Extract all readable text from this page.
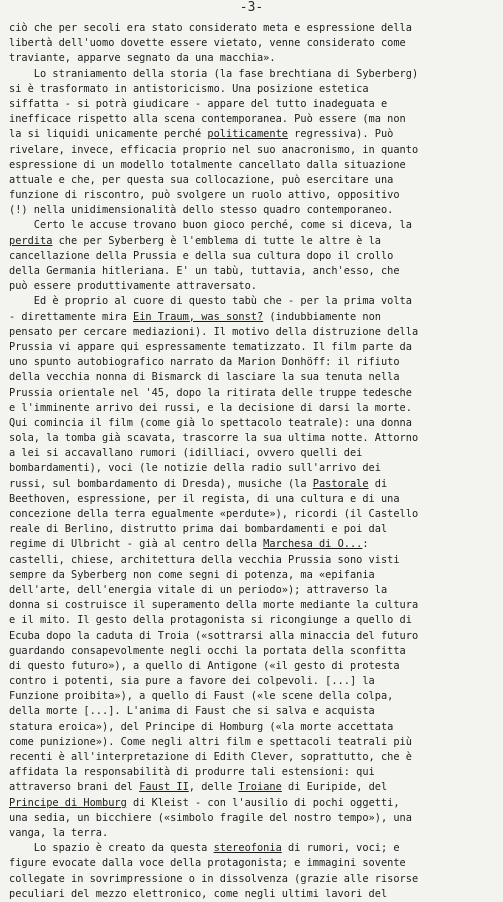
-3-
ciò che per secoli era stato considerato meta e espressione della
libertà dell'uomo dovette essere vietato, venne considerato come
traviante, apparve segnato da una macchia».
Lo straniamento della storia (la fase brechtiana di Syberberg)
si è trasformato in antistoricismo. Una posizione estetica
siffatta - si potrà giudicare - appare del tutto inadeguata e
inefficace rispetto alla scena contemporanea. Può essere (ma non
la si liquidi unicamente perché politicamente regressiva). Può
rivelare, invece, efficacia proprio nel suo anacronismo, in quanto
espressione di un modello totalmente cancellato dalla situazione
attuale e che, per questa sua collocazione, può esercitare una
funzione di riscontro, può svolgere un ruolo attivo, oppositivo
(!) nella unidimensionalità dello stesso quadro contemporaneo.
Certo le accuse trovano buon gioco perché, come si diceva, la
perdita che per Syberberg è l'emblema di tutte le altre è la
cancellazione della Prussia e della sua cultura dopo il crollo
della Germania hitleriana. E' un tabù, tuttavia, anch'esso, che
può essere produttivamente attraversato.
Ed è proprio al cuore di questo tabù che - per la prima volta
- direttamente mira Ein Traum, was sonst? (indubbiamente non
pensato per cercare mediazioni). Il motivo della distruzione della
Prussia vi appare qui espressamente tematizzato. Il film parte da
uno spunto autobiografico narrato da Marion Donhöff: il rifiuto
della vecchia nonna di Bismarck di lasciare la sua tenuta nella
Prussia orientale nel '45, dopo la ritirata delle truppe tedesche
e l'imminente arrivo dei russi, e la decisione di darsi la morte.
Qui comincia il film (come già lo spettacolo teatrale): una donna
sola, la tomba già scavata, trascorre la sua ultima notte. Attorno
a lei si accavallano rumori (idilliaci, ovvero quelli dei
bombardamenti), voci (le notizie della radio sull'arrivo dei
russi, sul bombardamento di Dresda), musiche (la Pastorale di
Beethoven, espressione, per il regista, di una cultura e di una
concezione della terra egualmente «perdute»), ricordi (il Castello
reale di Berlino, distrutto prima dai bombardamenti e poi dal
regime di Ulbricht - già al centro della Marchesa di O...:
castelli, chiese, architettura della vecchia Prussia sono visti
sempre da Syberberg non come segni di potenza, ma «epifania
dell'arte, dell'energia vitale di un periodo»); attraverso la
donna si costruisce il superamento della morte mediante la cultura
e il mito. Il gesto della protagonista si ricongiunge a quello di
Ecuba dopo la caduta di Troia («sottrarsi alla minaccia del futuro
guardando consapevolmente negli occhi la portata della sconfitta
di questo futuro»), a quello di Antigone («il gesto di protesta
contro i potenti, sia pure a favore dei colpevoli. [...] la
Funzione proibita»), a quello di Faust («le scene della colpa,
della morte [...]. L'anima di Faust che si salva e acquista
statura eroica»), del Principe di Homburg («la morte accettata
come punizione»). Come negli altri film e spettacoli teatrali più
recenti è all'interpretazione di Edith Clever, soprattutto, che è
affidata la responsabilità di produrre tali estensioni: qui
attraverso brani del Faust II, delle Troiane di Euripide, del
Principe di Homburg di Kleist - con l'ausilio di pochi oggetti,
una sedia, un bicchiere («simbolo fragile del nostro tempo»), una
vanga, la terra.
Lo spazio è creato da questa stereofonia di rumori, voci; e
figure evocate dalla voce della protagonista; e immagini sovente
collegate in sovrimpressione o in dissolvenza (grazie alle risorse
peculiari del mezzo elettronico, come negli ultimi lavori del
